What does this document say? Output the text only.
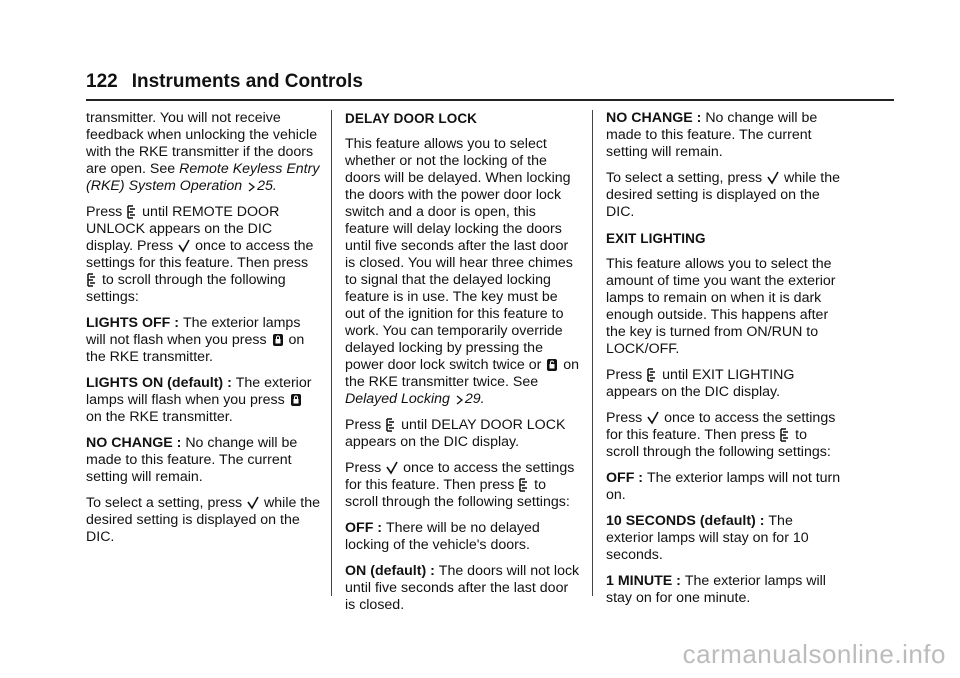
122 Instruments and Controls

transmitter. You will not receive feedback when unlocking the vehicle with the RKE transmitter if the doors are open. See Remote Keyless Entry (RKE) System Operation 25.

Press
until REMOTE DOOR UNLOCK appears on the DIC display. Press
once to access the settings for this feature. Then press
to scroll through the following settings:

LIGHTS OFF : The exterior lamps will not flash when you press
on the RKE transmitter.

LIGHTS ON (default) : The exterior lamps will flash when you press
on the RKE transmitter.

NO CHANGE : No change will be made to this feature. The current setting will remain.

To select a setting, press
while the desired setting is displayed on the DIC.

DELAY DOOR LOCK

This feature allows you to select whether or not the locking of the doors will be delayed. When locking the doors with the power door lock switch and a door is open, this feature will delay locking the doors until five seconds after the last door is closed. You will hear three chimes to signal that the delayed locking feature is in use. The key must be out of the ignition for this feature to work. You can temporarily override delayed locking by pressing the power door lock switch twice or
on the RKE transmitter twice. See Delayed Locking 29.

Press
until DELAY DOOR LOCK appears on the DIC display.

Press
once to access the settings for this feature. Then press
to scroll through the following settings:

OFF : There will be no delayed locking of the vehicle's doors.

ON (default) : The doors will not lock until five seconds after the last door is closed.

NO CHANGE : No change will be made to this feature. The current setting will remain.

To select a setting, press
while the desired setting is displayed on the DIC.

EXIT LIGHTING

This feature allows you to select the amount of time you want the exterior lamps to remain on when it is dark enough outside. This happens after the key is turned from ON/RUN to LOCK/OFF.

Press
until EXIT LIGHTING appears on the DIC display.

Press
once to access the settings for this feature. Then press
to scroll through the following settings:

OFF : The exterior lamps will not turn on.

10 SECONDS (default) : The exterior lamps will stay on for 10 seconds.

1 MINUTE : The exterior lamps will stay on for one minute.

carmanualsonline.info
